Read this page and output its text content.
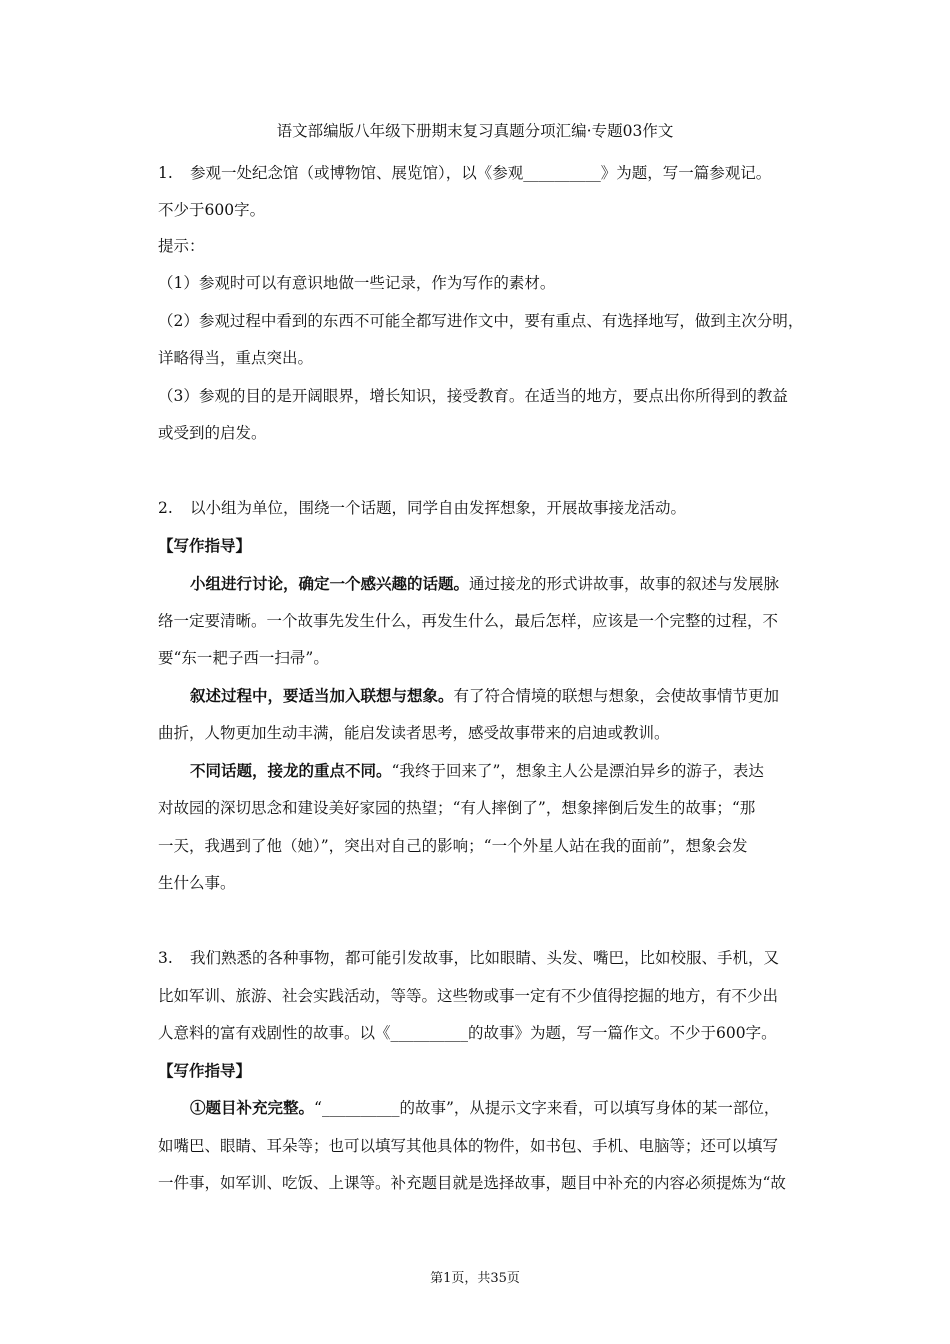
语文部编版八年级下册期末复习真题分项汇编·专题03作文
1. 参观一处纪念馆（或博物馆、展览馆），以《参观__________》为题，写一篇参观记。
不少于600字。
提示：
（1）参观时可以有意识地做一些记录，作为写作的素材。
（2）参观过程中看到的东西不可能全都写进作文中，要有重点、有选择地写，做到主次分明，
详略得当，重点突出。
（3）参观的目的是开阔眼界，增长知识，接受教育。在适当的地方，要点出你所得到的教益
或受到的启发。
2. 以小组为单位，围绕一个话题，同学自由发挥想象，开展故事接龙活动。
【写作指导】
小组进行讨论，确定一个感兴趣的话题。通过接龙的形式讲故事，故事的叙述与发展脉
络一定要清晰。一个故事先发生什么，再发生什么，最后怎样，应该是一个完整的过程，不
要“东一耙子西一扫帚”。
叙述过程中，要适当加入联想与想象。有了符合情境的联想与想象，会使故事情节更加
曲折，人物更加生动丰满，能启发读者思考，感受故事带来的启迪或教训。
不同话题，接龙的重点不同。“我终于回来了”，想象主人公是漂泊异乡的游子，表达
对故园的深切思念和建设美好家园的热望；“有人摔倒了”，想象摔倒后发生的故事；“那
一天，我遇到了他（她）”，突出对自己的影响；“一个外星人站在我的面前”，想象会发
生什么事。
3. 我们熟悉的各种事物，都可能引发故事，比如眼睛、头发、嘴巴，比如校服、手机，又
比如军训、旅游、社会实践活动，等等。这些物或事一定有不少值得挖掘的地方，有不少出
人意料的富有戏剧性的故事。以《__________的故事》为题，写一篇作文。不少于600字。
【写作指导】
①题目补充完整。“__________的故事”，从提示文字来看，可以填写身体的某一部位，
如嘴巴、眼睛、耳朵等；也可以填写其他具体的物件，如书包、手机、电脑等；还可以填写
一件事，如军训、吃饭、上课等。补充题目就是选择故事，题目中补充的内容必须提炼为“故
第1页，共35页
